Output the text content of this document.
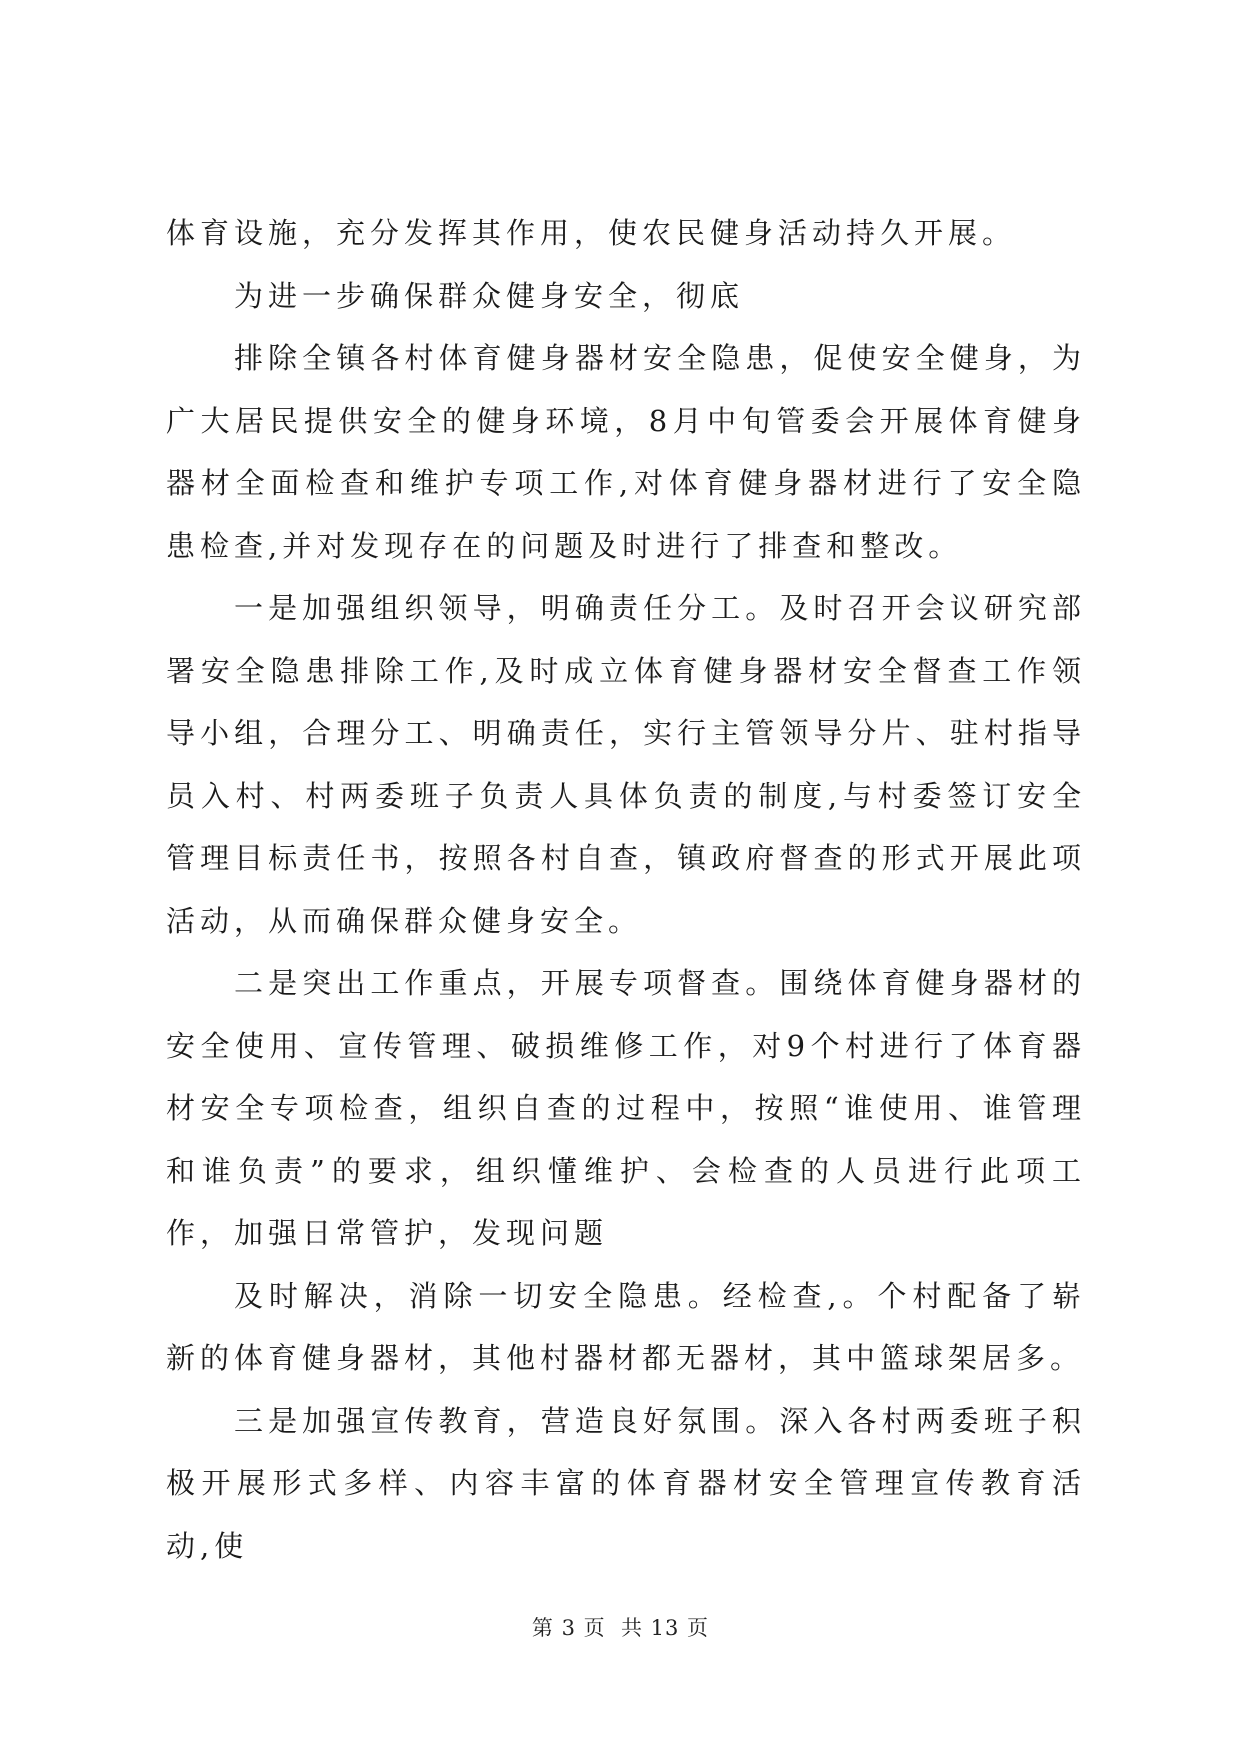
体育设施，充分发挥其作用，使农民健身活动持久开展。

为进一步确保群众健身安全，彻底

排除全镇各村体育健身器材安全隐患，促使安全健身，为广大居民提供安全的健身环境，8月中旬管委会开展体育健身器材全面检查和维护专项工作,对体育健身器材进行了安全隐患检查,并对发现存在的问题及时进行了排查和整改。

一是加强组织领导，明确责任分工。及时召开会议研究部署安全隐患排除工作,及时成立体育健身器材安全督查工作领导小组，合理分工、明确责任，实行主管领导分片、驻村指导员入村、村两委班子负责人具体负责的制度,与村委签订安全管理目标责任书，按照各村自查，镇政府督查的形式开展此项活动，从而确保群众健身安全。

二是突出工作重点，开展专项督查。围绕体育健身器材的安全使用、宣传管理、破损维修工作，对9个村进行了体育器材安全专项检查，组织自查的过程中，按照“谁使用、谁管理和谁负责”的要求，组织懂维护、会检查的人员进行此项工作，加强日常管护，发现问题

及时解决，消除一切安全隐患。经检查,。个村配备了崭新的体育健身器材，其他村器材都无器材，其中篮球架居多。

三是加强宣传教育，营造良好氛围。深入各村两委班子积极开展形式多样、内容丰富的体育器材安全管理宣传教育活动,使

第 3 页  共 13 页
